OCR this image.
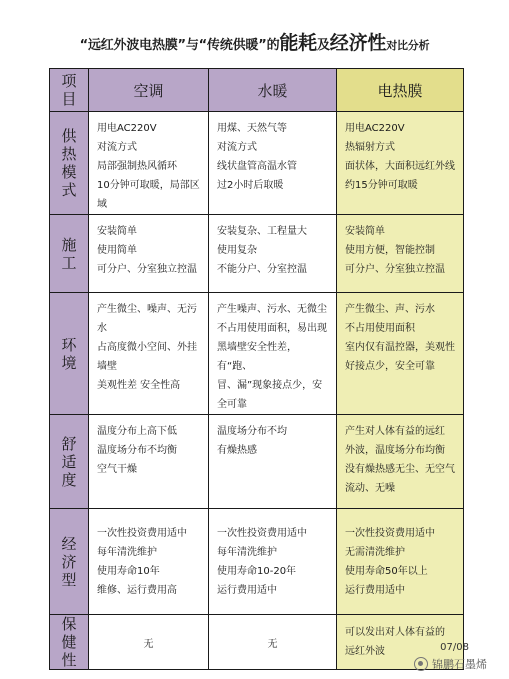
“远红外波电热膜”与“传统供暖”的能耗及经济性对比分析
项目	空调	水暖	电热膜

供热模式	用电AC220V
对流方式
局部强制热风循环
10分钟可取暖，局部区域	用煤、天然气等
对流方式
线状盘管高温水管
过2小时后取暖	用电AC220V
热辐射方式
面状体，大面积远红外线
约15分钟可取暖

施工	安装简单
使用简单
可分户、分室独立控温	安装复杂、工程量大
使用复杂
不能分户、分室控温	安装简单
使用方便，智能控制
可分户、分室独立控温

环境	产生微尘、噪声、无污水
占高度微小空间、外挂墙壁
美观性差 安全性高	产生噪声、污水、无微尘
不占用使用面积，易出现
黑墙壁安全性差，有“跑、
冒、漏”现象接点少，安
全可靠	产生微尘、声、污水
不占用使用面积
室内仅有温控器，美观性
好接点少，安全可靠

舒适度	温度分布上高下低
温度场分布不均衡
空气干燥	温度场分布不均
有燥热感	产生对人体有益的远红
外波，温度场分布均衡
没有燥热感无尘、无空气
流动、无噪

经济型	一次性投资费用适中
每年清洗维护
使用寿命10年
维修、运行费用高	一次性投资费用适中
每年清洗维护
使用寿命10-20年
运行费用适中	一次性投资费用适中
无需清洗维护
使用寿命50年以上
运行费用适中

保健性	无	无	可以发出对人体有益的
远红外波	07/08
锦鹏石墨烯
